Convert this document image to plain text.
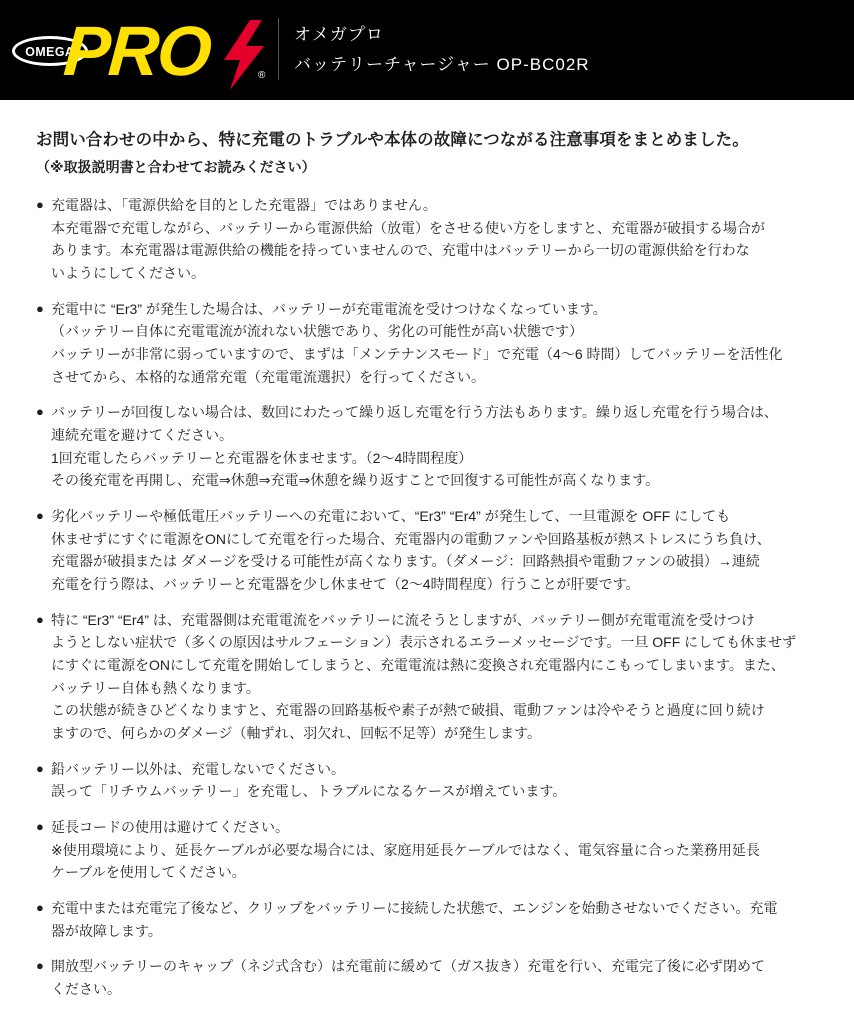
OMEGA
PRO	®
オメガプロ
バッテリーチャージャー OP-BC02R

お問い合わせの中から、特に充電のトラブルや本体の故障につながる注意事項をまとめました。

（※取扱説明書と合わせてお読みください）

● 充電器は、「電源供給を目的とした充電器」ではありません。

本充電器で充電しながら、バッテリーから電源供給（放電）をさせる使い方をしますと、充電器が破損する場合が

あります。本充電器は電源供給の機能を持っていませんので、充電中はバッテリーから一切の電源供給を行わな

いようにしてください。

● 充電中に “Er3” が発生した場合は、バッテリーが充電電流を受けつけなくなっています。

（バッテリー自体に充電電流が流れない状態であり、劣化の可能性が高い状態です）

バッテリーが非常に弱っていますので、まずは「メンテナンスモード」で充電（4～6 時間）してバッテリーを活性化

させてから、本格的な通常充電（充電電流選択）を行ってください。

● バッテリーが回復しない場合は、数回にわたって繰り返し充電を行う方法もあります。繰り返し充電を行う場合は、

連続充電を避けてください。

1回充電したらバッテリーと充電器を休ませます。（2～4時間程度）

その後充電を再開し、充電⇒休憩⇒充電⇒休憩を繰り返すことで回復する可能性が高くなります。

● 劣化バッテリーや極低電圧バッテリーへの充電において、“Er3” “Er4” が発生して、一旦電源を OFF にしても

休ませずにすぐに電源をONにして充電を行った場合、充電器内の電動ファンや回路基板が熱ストレスにうち負け、

充電器が破損または ダメージを受ける可能性が高くなります。（ダメージ：回路熱損や電動ファンの破損）→連続

充電を行う際は、バッテリーと充電器を少し休ませて（2～4時間程度）行うことが肝要です。

● 特に “Er3” “Er4” は、充電器側は充電電流をバッテリーに流そうとしますが、バッテリー側が充電電流を受けつけ

ようとしない症状で（多くの原因はサルフェーション）表示されるエラーメッセージです。一旦 OFF にしても休ませず

にすぐに電源をONにして充電を開始してしまうと、充電電流は熱に変換され充電器内にこもってしまいます。また、

バッテリー自体も熱くなります。

この状態が続きひどくなりますと、充電器の回路基板や素子が熱で破損、電動ファンは冷やそうと過度に回り続け

ますので、何らかのダメージ（軸ずれ、羽欠れ、回転不足等）が発生します。

● 鉛バッテリー以外は、充電しないでください。

誤って「リチウムバッテリー」を充電し、トラブルになるケースが増えています。

● 延長コードの使用は避けてください。

※使用環境により、延長ケーブルが必要な場合には、家庭用延長ケーブルではなく、電気容量に合った業務用延長

ケーブルを使用してください。

● 充電中または充電完了後など、クリップをバッテリーに接続した状態で、エンジンを始動させないでください。充電

器が故障します。

● 開放型バッテリーのキャップ（ネジ式含む）は充電前に緩めて（ガス抜き）充電を行い、充電完了後に必ず閉めて

ください。
